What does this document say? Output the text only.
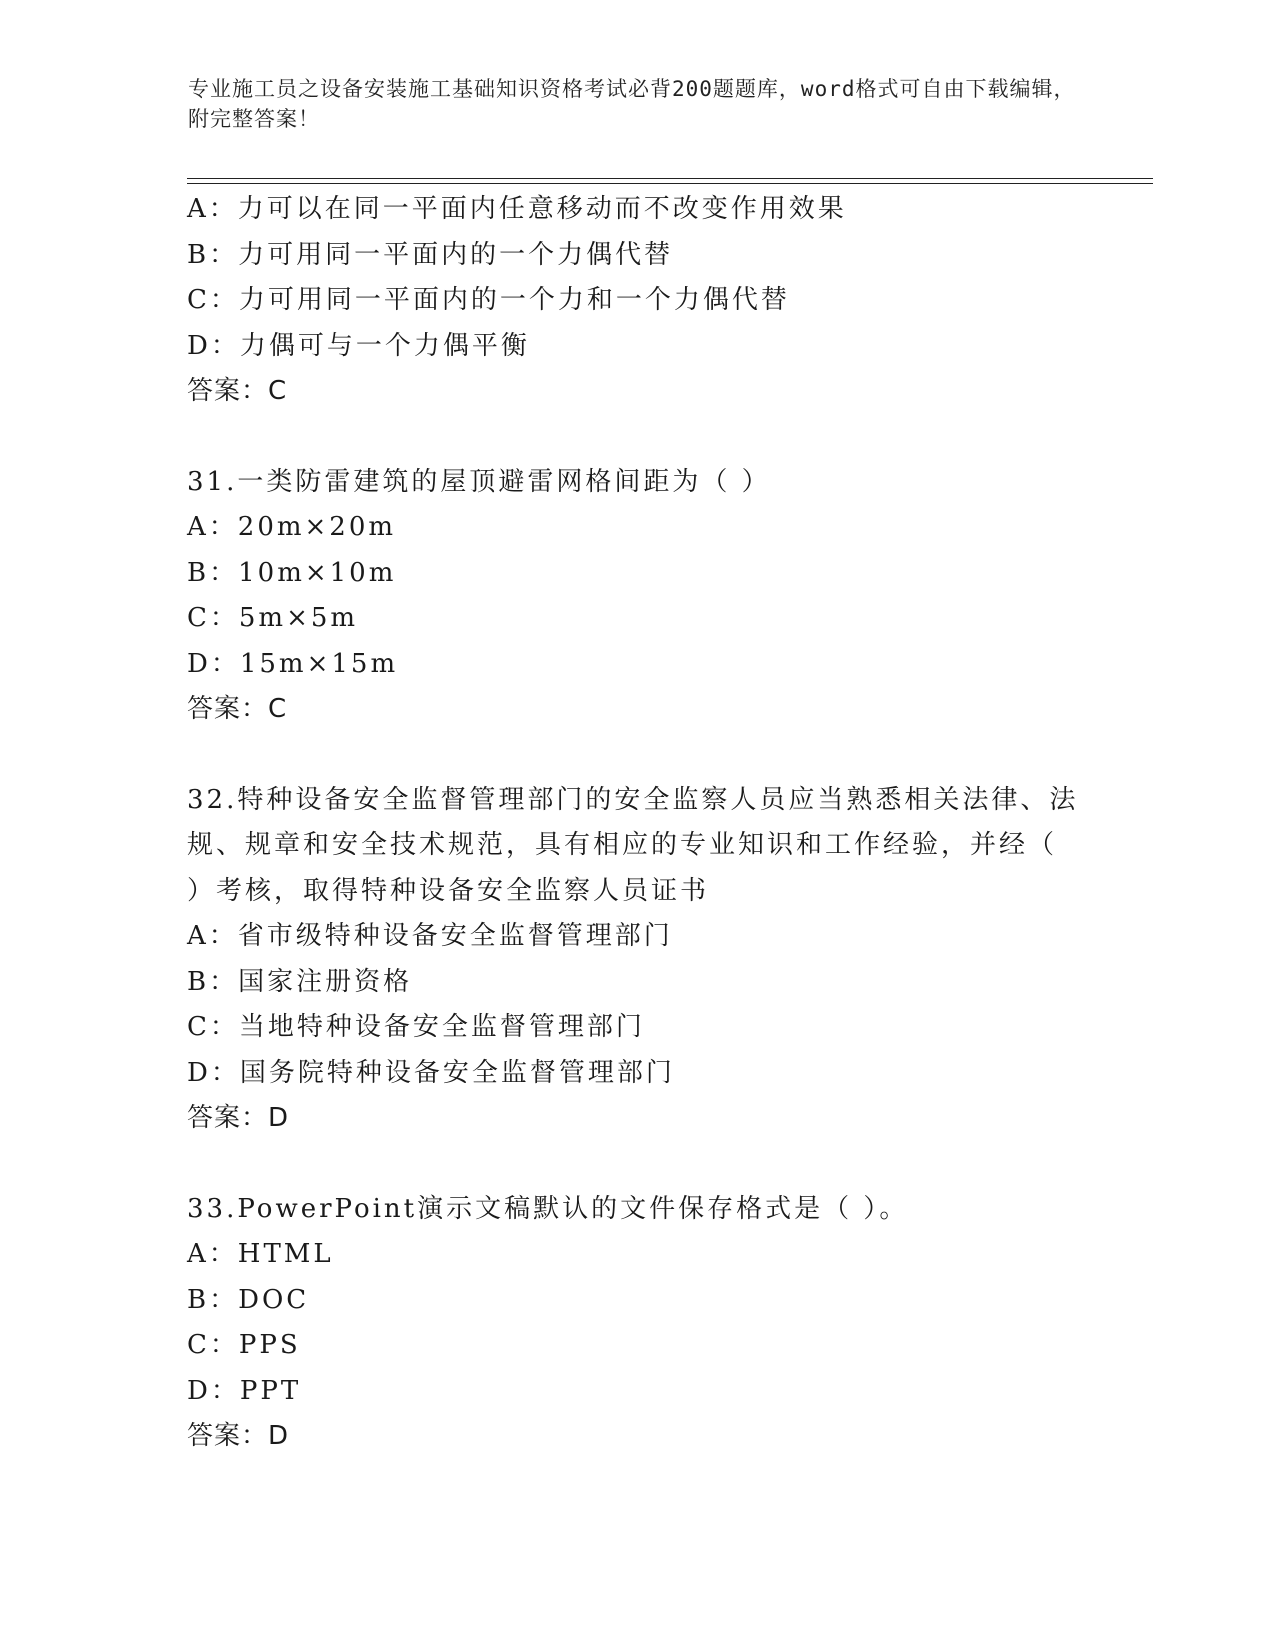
专业施工员之设备安装施工基础知识资格考试必背200题题库，word格式可自由下载编辑，附完整答案！
A：力可以在同一平面内任意移动而不改变作用效果
B：力可用同一平面内的一个力偶代替
C：力可用同一平面内的一个力和一个力偶代替
D：力偶可与一个力偶平衡
答案：C
31.一类防雷建筑的屋顶避雷网格间距为（ ）
A：20m×20m
B：10m×10m
C：5m×5m
D：15m×15m
答案：C
32.特种设备安全监督管理部门的安全监察人员应当熟悉相关法律、法
规、规章和安全技术规范，具有相应的专业知识和工作经验，并经（
）考核，取得特种设备安全监察人员证书
A：省市级特种设备安全监督管理部门
B：国家注册资格
C：当地特种设备安全监督管理部门
D：国务院特种设备安全监督管理部门
答案：D
33.PowerPoint演示文稿默认的文件保存格式是（ ）。
A：HTML
B：DOC
C：PPS
D：PPT
答案：D
